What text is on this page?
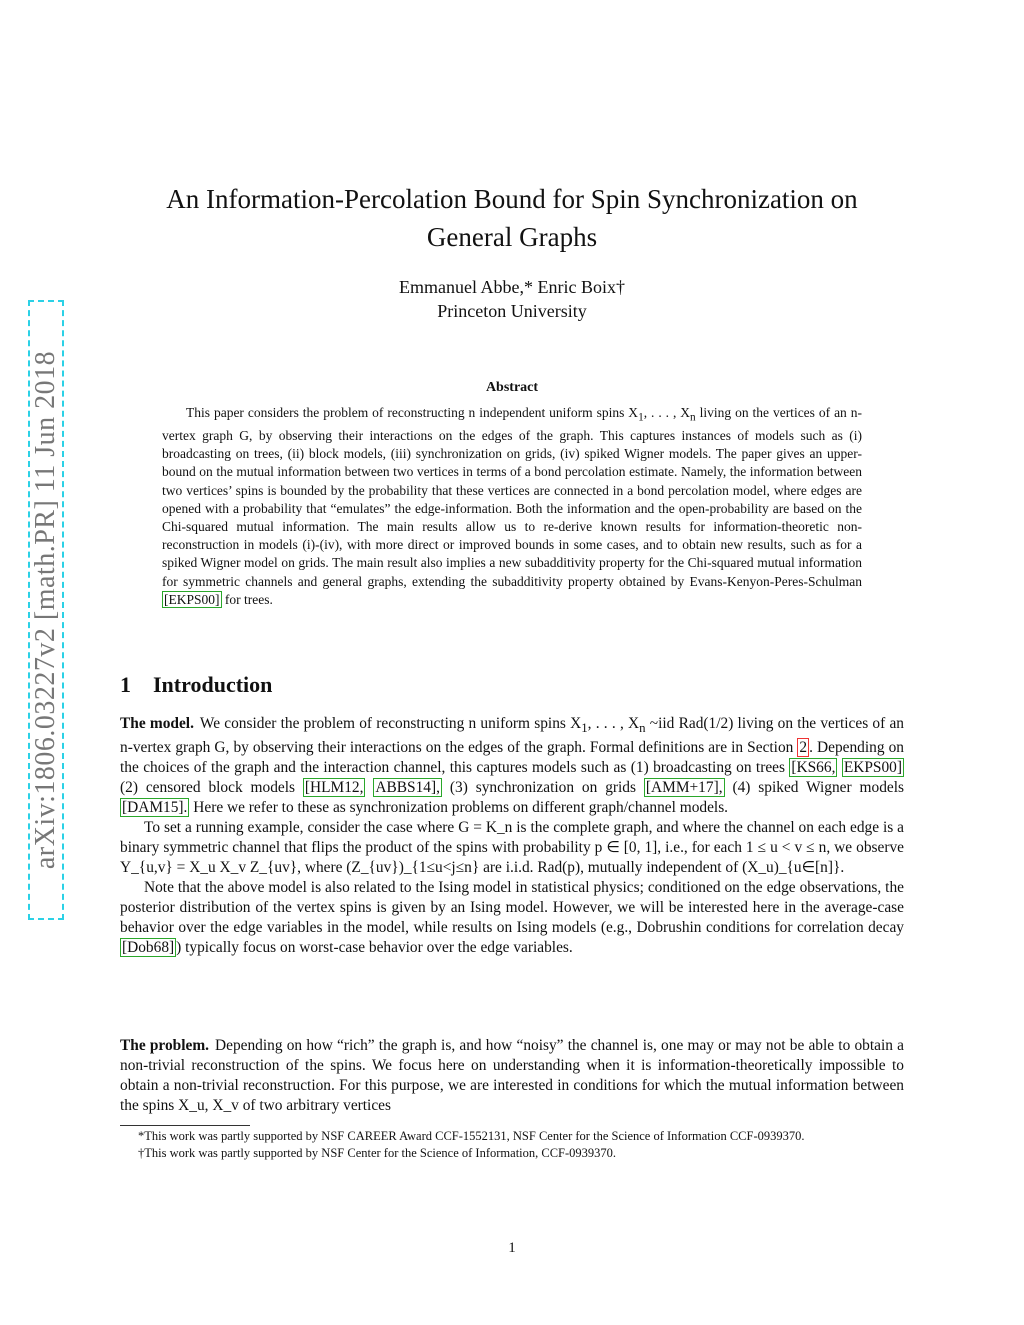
arXiv:1806.03227v2 [math.PR] 11 Jun 2018
An Information-Percolation Bound for Spin Synchronization on General Graphs
Emmanuel Abbe,* Enric Boix†
Princeton University
Abstract
This paper considers the problem of reconstructing n independent uniform spins $X_1$, . . . , $X_n$ living on the vertices of an n-vertex graph G, by observing their interactions on the edges of the graph. This captures instances of models such as (i) broadcasting on trees, (ii) block models, (iii) synchronization on grids, (iv) spiked Wigner models. The paper gives an upper-bound on the mutual information between two vertices in terms of a bond percolation estimate. Namely, the information between two vertices’ spins is bounded by the probability that these vertices are connected in a bond percolation model, where edges are opened with a probability that “emulates” the edge-information. Both the information and the open-probability are based on the Chi-squared mutual information. The main results allow us to re-derive known results for information-theoretic non-reconstruction in models (i)-(iv), with more direct or improved bounds in some cases, and to obtain new results, such as for a spiked Wigner model on grids. The main result also implies a new subadditivity property for the Chi-squared mutual information for symmetric channels and general graphs, extending the subadditivity property obtained by Evans-Kenyon-Peres-Schulman [EKPS00] for trees.
1 Introduction

The model. We consider the problem of reconstructing n uniform spins $X_1$, . . . , $X_n$ ~iid Rad(1/2) living on the vertices of an n-vertex graph G, by observing their interactions on the edges of the graph. Formal definitions are in Section 2 . Depending on the choices of the graph and the interaction channel, this captures models such as (1) broadcasting on trees [KS66, EKPS00] (2) censored block models [HLM12, ABBS14], (3) synchronization on grids [AMM+17], (4) spiked Wigner models [DAM15]. Here we refer to these as synchronization problems on different graph/channel models.

To set a running example, consider the case where G = K_n is the complete graph, and where the channel on each edge is a binary symmetric channel that flips the product of the spins with probability p ∈ [0, 1], i.e., for each 1 ≤ u < v ≤ n, we observe Y_{u,v} = X_u X_v Z_{uv}, where (Z_{uv})_{1≤u<j≤n} are i.i.d. Rad(p), mutually independent of (X_u)_{u∈[n]}.

Note that the above model is also related to the Ising model in statistical physics; conditioned on the edge observations, the posterior distribution of the vertex spins is given by an Ising model. However, we will be interested here in the average-case behavior over the edge variables in the model, while results on Ising models (e.g., Dobrushin conditions for correlation decay [Dob68] ) typically focus on worst-case behavior over the edge variables.

The problem. Depending on how “rich” the graph is, and how “noisy” the channel is, one may or may not be able to obtain a non-trivial reconstruction of the spins. We focus here on understanding when it is information-theoretically impossible to obtain a non-trivial reconstruction. For this purpose, we are interested in conditions for which the mutual information between the spins X_u, X_v of two arbitrary vertices

*This work was partly supported by NSF CAREER Award CCF-1552131, NSF Center for the Science of Information CCF-0939370.

†This work was partly supported by NSF Center for the Science of Information, CCF-0939370.

1
